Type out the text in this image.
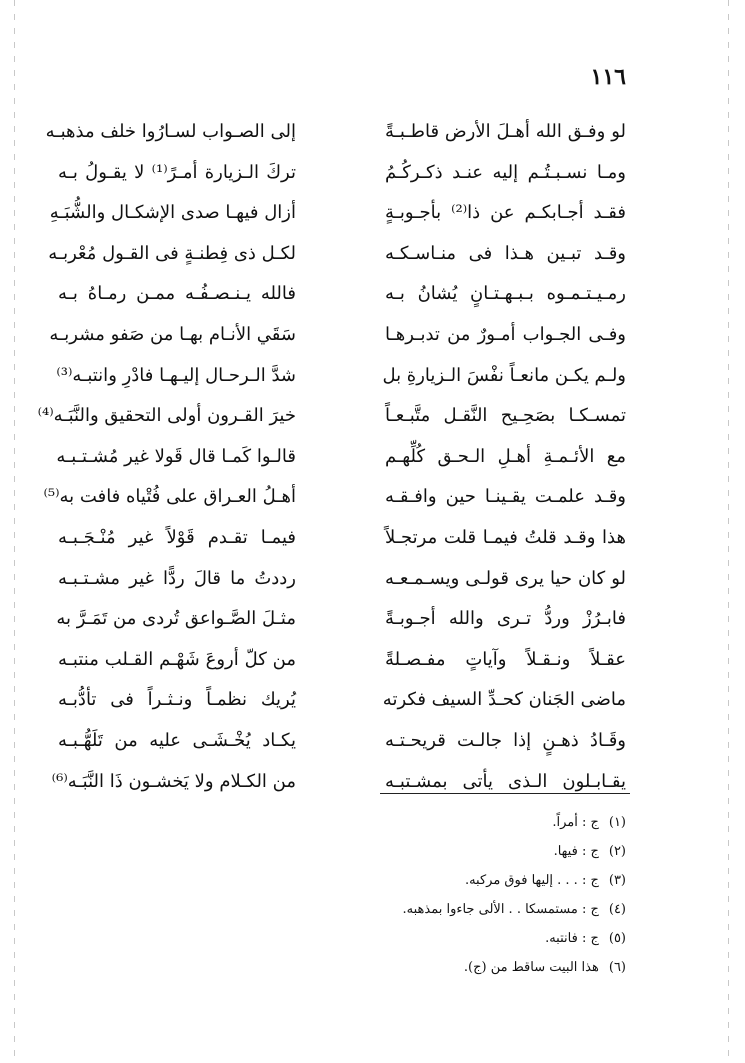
١١٦
لو وفـق الله أهـلَ الأرض قاطـبـةً
إلى الصـواب لسـارُوا خلف مذهبـه
ومـا نسـبـتُـم إليه عنـد ذكـركُـمُ
تركَ الـزيارة أمـرً⁽¹⁾ لا يقـولُ بـه
فقـد أجـابكـم عن ذا⁽²⁾ بأجـوبـةٍ
أزال فيهـا صدى الإشكـال والشُّبَـهِ
وقـد تبـين هـذا فى منـاسـكـه
لكـل ذى فِطنـةٍ فى القـول مُعْربـه
رمـيـتـمـوه بـبـهـتـانٍ يُشانُ بـه
فالله يـنـصـفُـه ممـن رمـاهُ بـه
وفـى الجـواب أمـورٌ من تدبـرهـا
سَقَي الأنـام بهـا من صَفو مشربـه
ولـم يكـن مانعـاً نفْسَ الـزيارةِ بل
شدَّ الـرحـال إليـهـا فادْرِ وانتبـه⁽³⁾
تمسـكـا بصَحِـيح النَّقـل متَّبـعـاً
خيرَ القـرون أولى التحقيق والنَّبَـه⁽⁴⁾
مع الأئـمـةِ أهـلِ الـحـق كُلِّهـم
قالـوا كَمـا قال قَولا غير مُشـتـبـه
وقـد علمـت يقـينـا حين وافـقـه
أهـلُ العـراق على فُتْياه فافت به⁽⁵⁾
هذا وقـد قلتُ فيمـا قلت مرتجـلاً
فيمـا تقـدم قَوْلاً غير مُنْـجَـبـه
لو كان حيا يرى قولـى ويسـمـعـه
رددتُ ما قالَ ردًّا غير مشـتـبـه
فابـرُزْ وردُّ تـرى والله أجـوبـةً
مثـلَ الصَّـواعق تُردى من تَمَـرَّ به
عقـلاً ونـقـلاً وآياتٍ مفـصـلةً
من كلّ أروعَ شَهْـم القـلب منتبـه
ماضى الجَنان كحـدِّ السيف فكرته
يُريك نظمـاً ونـثـراً فى تأدُّبـه
وقَـادُ ذهـنٍ إذا جالـت قريحـتـه
يكـاد يُخْـشَـى عليه من تَلَهُّـبـه
يقـابـلون الـذى يأتى بمشـتبـه
من الكـلام ولا يَخشـون ذَا النَّبَـه⁽⁶⁾
(١)ج : أمراً.
(٢)ج : فيها.
(٣)ج : . . . إليها فوق مركبه.
(٤)ج : مستمسكا . . الألى جاءوا بمذهبه.
(٥)ج : فانتبه.
(٦)هذا البيت ساقط من (ج).
